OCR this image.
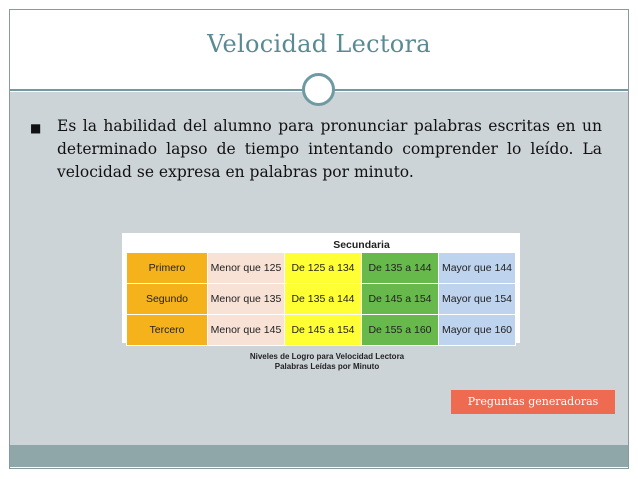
Velocidad Lectora
■ Es la habilidad del alumno para pronunciar palabras escritas en un determinado lapso de tiempo intentando comprender lo leído. La velocidad se expresa en palabras por minuto.
		Secundaria		
Primero	Menor que 125	De 125 a 134	De 135 a 144	Mayor que 144
Segundo	Menor que 135	De 135 a 144	De 145 a 154	Mayor que 154
Tercero	Menor que 145	De 145 a 154	De 155 a 160	Mayor que 160
Niveles de Logro para Velocidad Lectora
Palabras Leídas por Minuto
Preguntas generadoras
